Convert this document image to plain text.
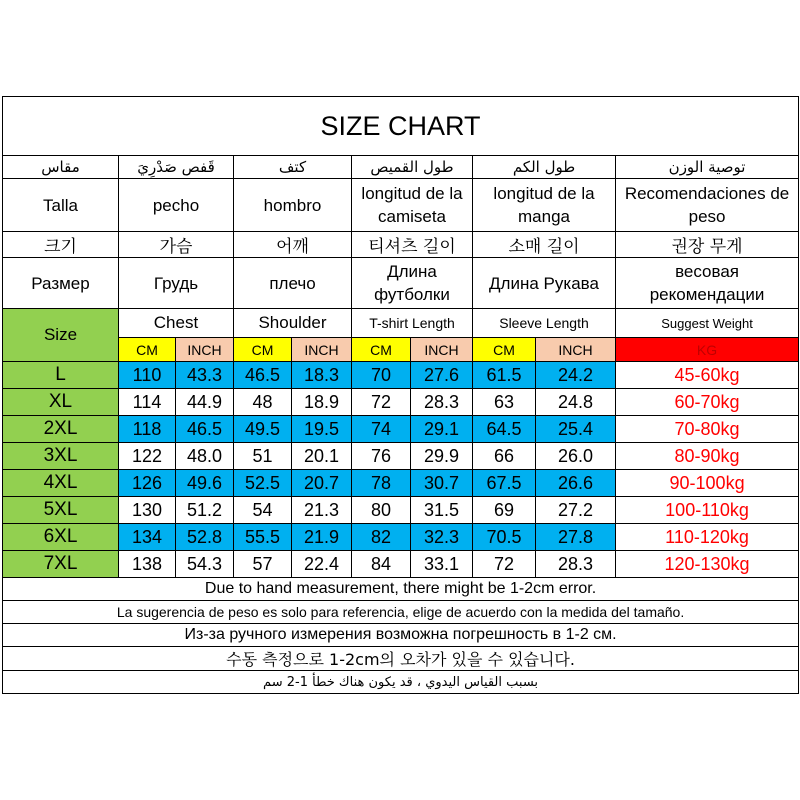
SIZE CHART									
مقاس	قَفص صَدْرِيَ		كتف		طول القميص		طول الكم		توصية الوزن
Talla	pecho		hombro		longitud de la camiseta		longitud de la manga		Recomendaciones de peso
크기	가슴		어깨		티셔츠 길이		소매 길이		권장 무게
Размер	Грудь		плечо		Длина футболки		Длина Рукава		весовая рекомендации
Size	Chest		Shoulder		T-shirt Length		Sleeve Length		Suggest Weight
	CM	INCH	CM	INCH	CM	INCH	CM	INCH	KG
L	110	43.3	46.5	18.3	70	27.6	61.5	24.2	45-60kg
XL	114	44.9	48	18.9	72	28.3	63	24.8	60-70kg
2XL	118	46.5	49.5	19.5	74	29.1	64.5	25.4	70-80kg
3XL	122	48.0	51	20.1	76	29.9	66	26.0	80-90kg
4XL	126	49.6	52.5	20.7	78	30.7	67.5	26.6	90-100kg
5XL	130	51.2	54	21.3	80	31.5	69	27.2	100-110kg
6XL	134	52.8	55.5	21.9	82	32.3	70.5	27.8	110-120kg
7XL	138	54.3	57	22.4	84	33.1	72	28.3	120-130kg
Due to hand measurement, there might be 1-2cm error.									
La sugerencia de peso es solo para referencia, elige de acuerdo con la medida del tamaño.									
Из-за ручного измерения возможна погрешность в 1-2 см.									
수동 측정으로 1-2cm의 오차가 있을 수 있습니다.									
بسبب القياس اليدوي ، قد يكون هناك خطأ 1-2 سم									
